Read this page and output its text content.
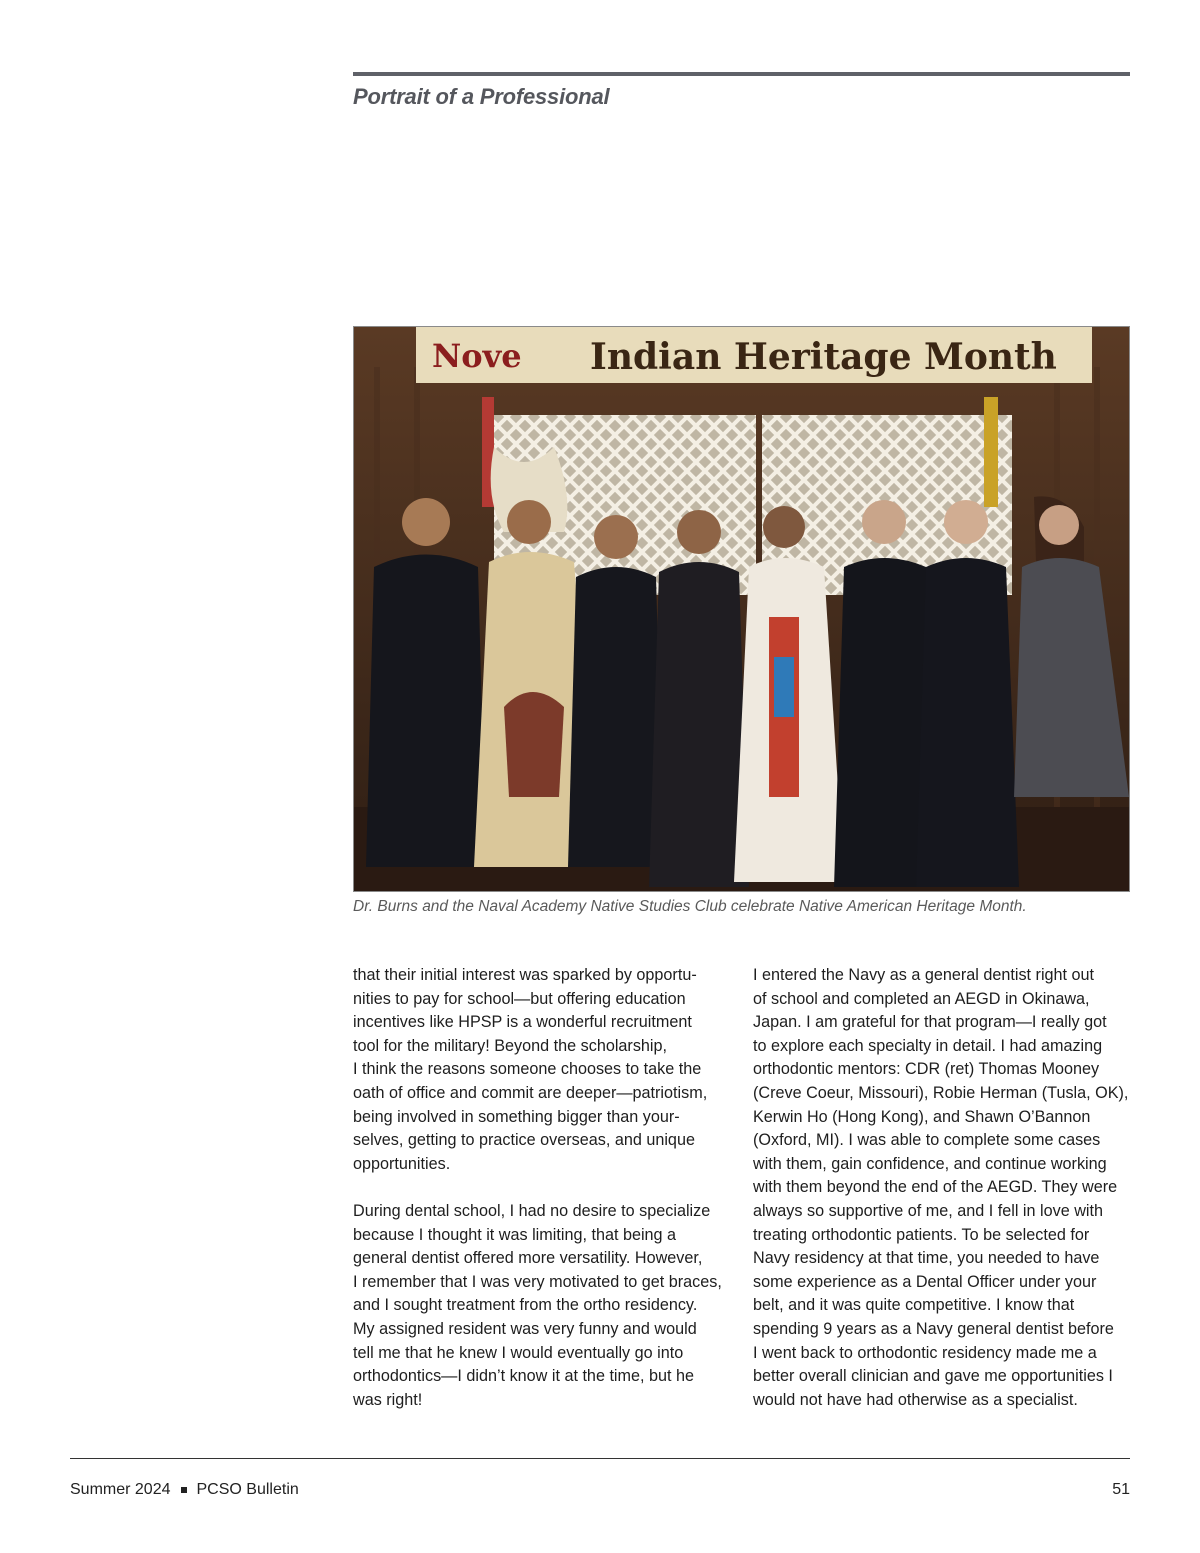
Portrait of a Professional
Nove Indian Heritage Month

Dr. Burns and the Naval Academy Native Studies Club celebrate Native American Heritage Month.

that their initial interest was sparked by opportu-
nities to pay for school—but offering education
incentives like HPSP is a wonderful recruitment
tool for the military! Beyond the scholarship,
I think the reasons someone chooses to take the
oath of office and commit are deeper—patriotism,
being involved in something bigger than your-
selves, getting to practice overseas, and unique
opportunities.

During dental school, I had no desire to specialize
because I thought it was limiting, that being a
general dentist offered more versatility. However,
I remember that I was very motivated to get braces,
and I sought treatment from the ortho residency.
My assigned resident was very funny and would
tell me that he knew I would eventually go into
orthodontics—I didn’t know it at the time, but he
was right!

I entered the Navy as a general dentist right out
of school and completed an AEGD in Okinawa,
Japan. I am grateful for that program—I really got
to explore each specialty in detail. I had amazing
orthodontic mentors: CDR (ret) Thomas Mooney
(Creve Coeur, Missouri), Robie Herman (Tusla, OK),
Kerwin Ho (Hong Kong), and Shawn O’Bannon
(Oxford, MI). I was able to complete some cases
with them, gain confidence, and continue working
with them beyond the end of the AEGD. They were
always so supportive of me, and I fell in love with
treating orthodontic patients. To be selected for
Navy residency at that time, you needed to have
some experience as a Dental Officer under your
belt, and it was quite competitive. I know that
spending 9 years as a Navy general dentist before
I went back to orthodontic residency made me a
better overall clinician and gave me opportunities I
would not have had otherwise as a specialist.

Summer 2024 PCSO Bulletin	51
